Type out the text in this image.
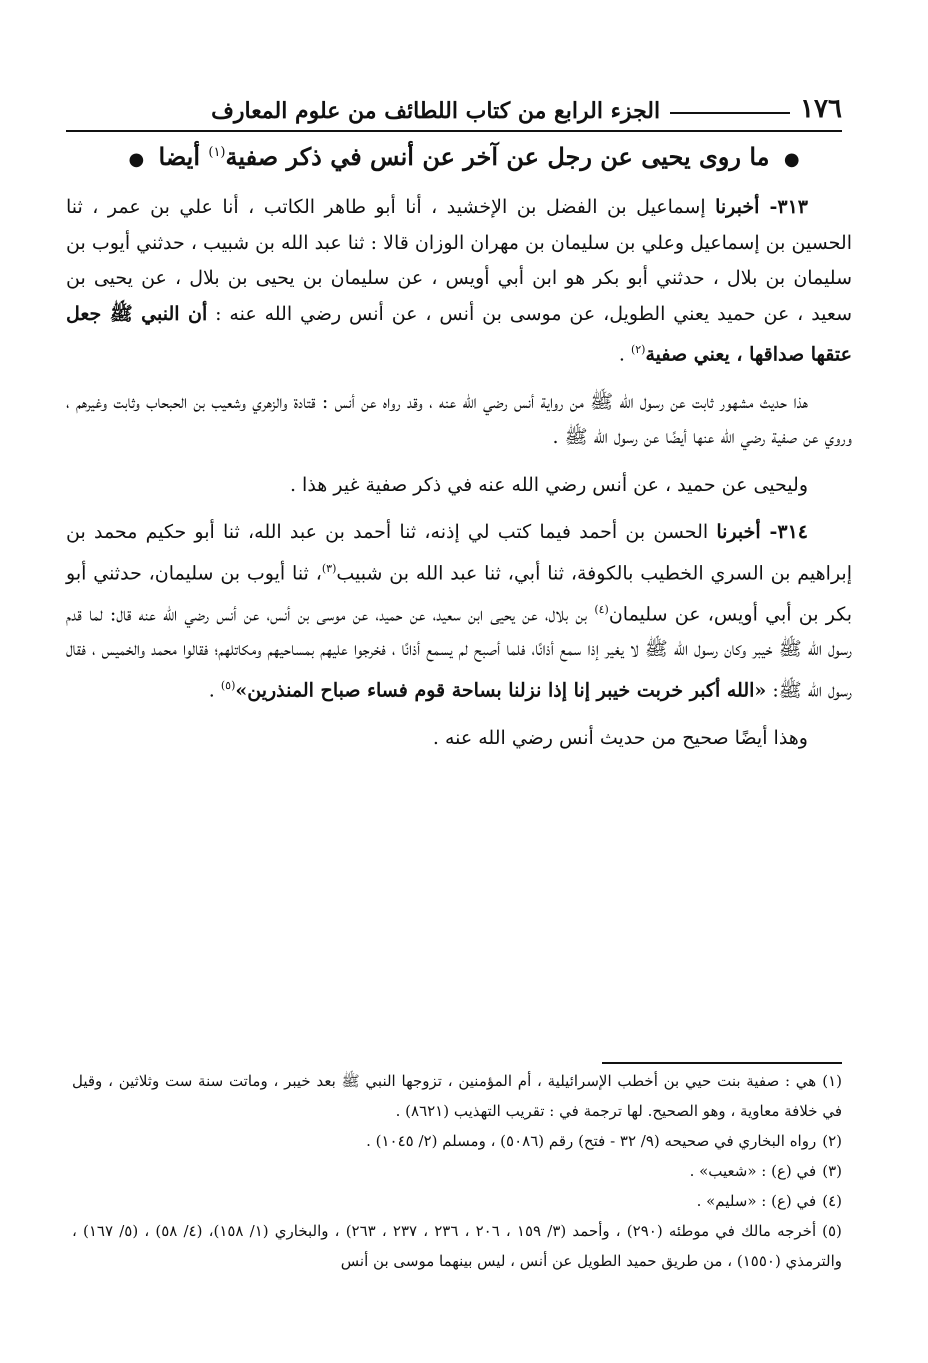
١٧٦
الجزء الرابع من كتاب اللطائف من علوم المعارف
● ما روى يحيى عن رجل عن آخر عن أنس في ذكر صفية$^{(١)}$ أيضا ●

٣١٣- أخبرنا إسماعيل بن الفضل بن الإخشيد ، أنا أبو طاهر الكاتب ، أنا علي بن عمر ، ثنا الحسين بن إسماعيل وعلي بن سليمان بن مهران الوزان قالا : ثنا عبد الله بن شبيب ، حدثني أيوب بن سليمان بن بلال ، حدثني أبو بكر هو ابن أبي أويس ، عن سليمان بن يحيى بن بلال ، عن يحيى بن سعيد ، عن حميد يعني الطويل، عن موسى بن أنس ، عن أنس رضي الله عنه : أن النبي ﷺ جعل عتقها صداقها ، يعني صفية$^{(٢)}$ .

هذا حديث مشهور ثابت عن رسول الله ﷺ من رواية أنس رضي الله عنه ، وقد رواه عن أنس : قتادة والزهري وشعيب بن الحبحاب وثابت وغيرهم ، وروي عن صفية رضي الله عنها أيضًا عن رسول الله ﷺ .

وليحيى عن حميد ، عن أنس رضي الله عنه في ذكر صفية غير هذا .

٣١٤- أخبرنا الحسن بن أحمد فيما كتب لي إذنه، ثنا أحمد بن عبد الله، ثنا أبو حكيم محمد بن إبراهيم بن السري الخطيب بالكوفة، ثنا أبي، ثنا عبد الله بن شبيب$^{(٣)}$، ثنا أيوب بن سليمان، حدثني أبو بكر بن أبي أويس، عن سليمان$^{(٤)}$ بن بلال، عن يحيى ابن سعيد، عن حميد، عن موسى بن أنس، عن أنس رضي الله عنه قال: لما قدم رسول الله ﷺ خيبر وكان رسول الله ﷺ لا يغير إذا سمع أذانًا، فلما أصبح لم يسمع أذانًا ، فخرجوا عليهم بمساحيهم ومكاتلهم؛ فقالوا محمد والخميس ، فقال رسول الله ﷺ: «الله أكبر خربت خيبر إنا إذا نزلنا بساحة قوم فساء صباح المنذرين»$^{(٥)}$ .

وهذا أيضًا صحيح من حديث أنس رضي الله عنه .

(١)هي : صفية بنت حيي بن أخطب الإسرائيلية ، أم المؤمنين ، تزوجها النبي ﷺ بعد خيبر ، وماتت سنة ست وثلاثين ، وقيل في خلافة معاوية ، وهو الصحيح. لها ترجمة في : تقريب التهذيب (٨٦٢١) .

(٢)رواه البخاري في صحيحه (٩/ ٣٢ - فتح) رقم (٥٠٨٦) ، ومسلم (٢/ ١٠٤٥) .

(٣)في (ع) : «شعيب» .

(٤)في (ع) : «سليم» .

(٥)أخرجه مالك في موطئه (٢٩٠) ، وأحمد (٣/ ١٥٩ ، ٢٠٦ ، ٢٣٦ ، ٢٣٧ ، ٢٦٣) ، والبخاري (١/ ١٥٨)، (٤/ ٥٨) ، (٥/ ١٦٧) ، والترمذي (١٥٥٠) ، من طريق حميد الطويل عن أنس ، ليس بينهما موسى بن أنس
